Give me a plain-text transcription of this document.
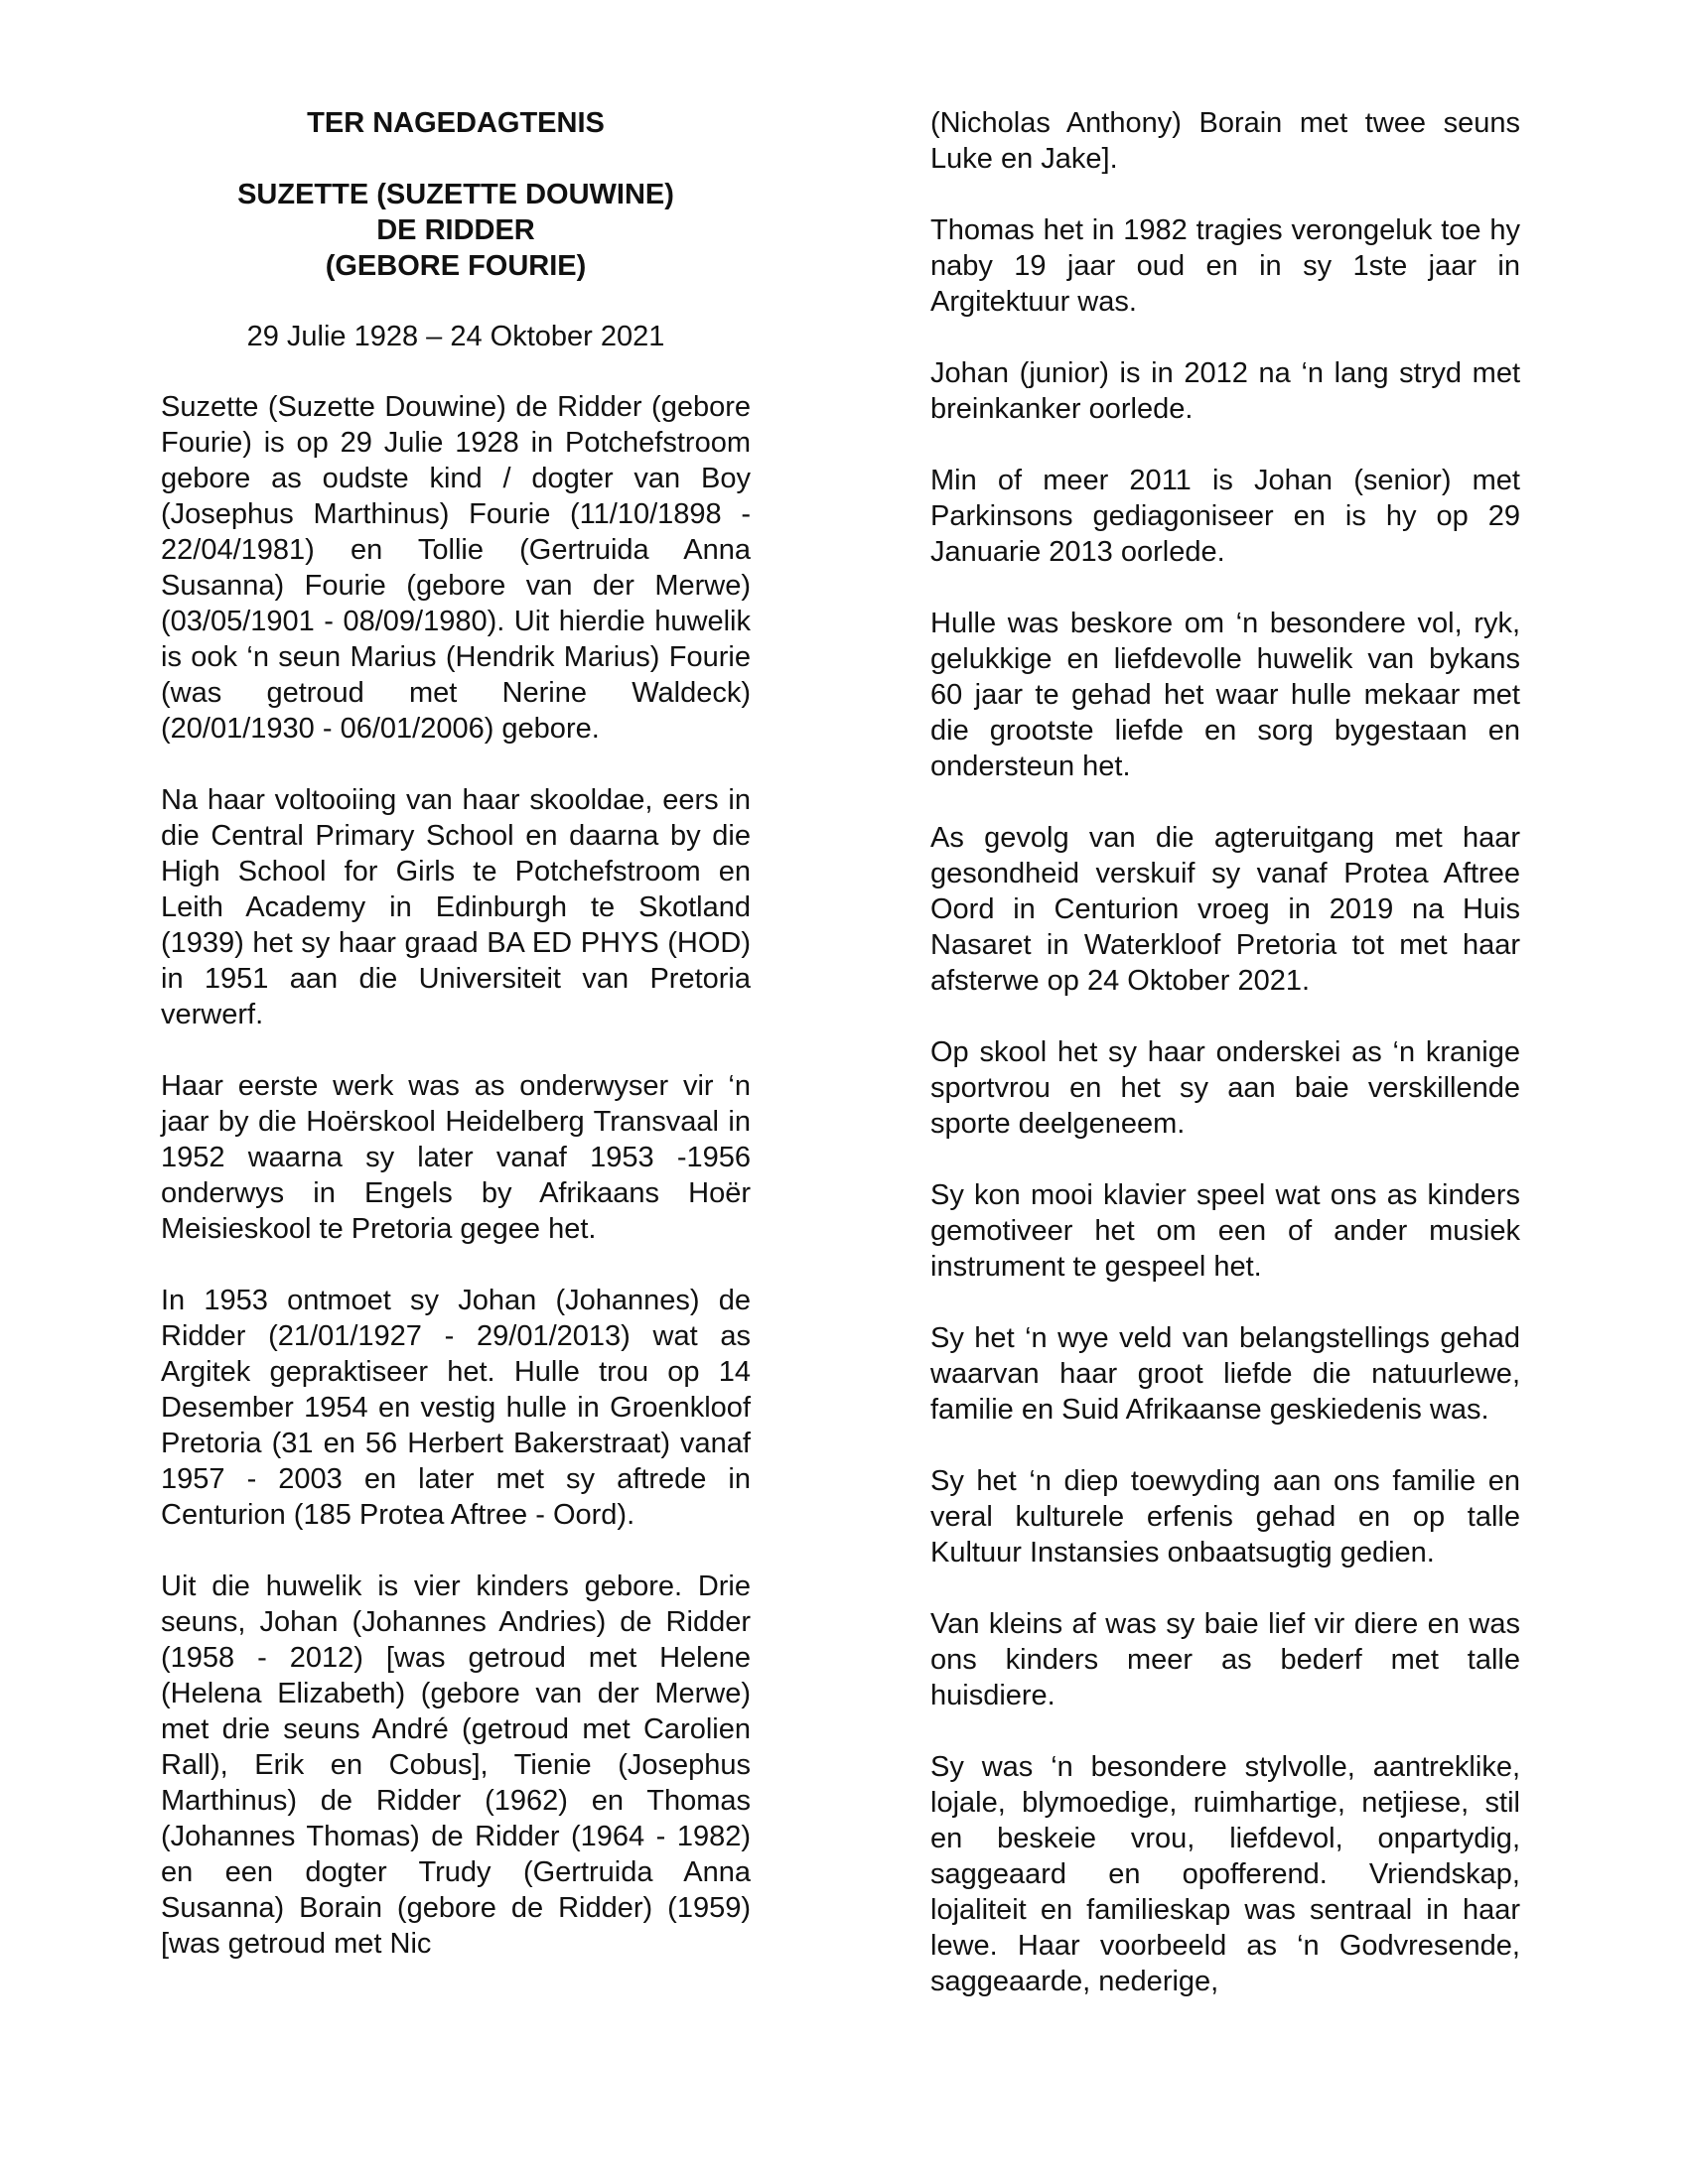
TER NAGEDAGTENIS

SUZETTE (SUZETTE DOUWINE)

DE RIDDER

(GEBORE FOURIE)

29 Julie 1928 – 24 Oktober 2021

Suzette (Suzette Douwine) de Ridder (gebore Fourie) is op 29 Julie 1928 in Potchefstroom gebore as oudste kind / dogter van Boy (Josephus Marthinus) Fourie (11/10/1898 - 22/04/1981) en Tollie (Gertruida Anna Susanna) Fourie (gebore van der Merwe) (03/05/1901 - 08/09/1980). Uit hierdie huwelik is ook ‘n seun Marius (Hendrik Marius) Fourie (was getroud met Nerine Waldeck) (20/01/1930 - 06/01/2006) gebore.

Na haar voltooiing van haar skooldae, eers in die Central Primary School en daarna by die High School for Girls te Potchefstroom en Leith Academy in Edinburgh te Skotland (1939) het sy haar graad BA ED PHYS (HOD) in 1951 aan die Universiteit van Pretoria verwerf.

Haar eerste werk was as onderwyser vir ‘n jaar by die Hoërskool Heidelberg Transvaal in 1952 waarna sy later vanaf 1953 -1956 onderwys in Engels by Afrikaans Hoër Meisieskool te Pretoria gegee het.

In 1953 ontmoet sy Johan (Johannes) de Ridder (21/01/1927 - 29/01/2013) wat as Argitek gepraktiseer het. Hulle trou op 14 Desember 1954 en vestig hulle in Groenkloof Pretoria (31 en 56 Herbert Bakerstraat) vanaf 1957 - 2003 en later met sy aftrede in Centurion (185 Protea Aftree - Oord).

Uit die huwelik is vier kinders gebore. Drie seuns, Johan (Johannes Andries) de Ridder (1958 - 2012) [was getroud met Helene (Helena Elizabeth) (gebore van der Merwe) met drie seuns André (getroud met Carolien Rall), Erik en Cobus], Tienie (Josephus Marthinus) de Ridder (1962) en Thomas (Johannes Thomas) de Ridder (1964 - 1982) en een dogter Trudy (Gertruida Anna Susanna) Borain (gebore de Ridder) (1959) [was getroud met Nic

(Nicholas Anthony) Borain met twee seuns Luke en Jake].

Thomas het in 1982 tragies verongeluk toe hy naby 19 jaar oud en in sy 1ste jaar in Argitektuur was.

Johan (junior) is in 2012 na ‘n lang stryd met breinkanker oorlede.

Min of meer 2011 is Johan (senior) met Parkinsons gediagoniseer en is hy op 29 Januarie 2013 oorlede.

Hulle was beskore om ‘n besondere vol, ryk, gelukkige en liefdevolle huwelik van bykans 60 jaar te gehad het waar hulle mekaar met die grootste liefde en sorg bygestaan en ondersteun het.

As gevolg van die agteruitgang met haar gesondheid verskuif sy vanaf Protea Aftree Oord in Centurion vroeg in 2019 na Huis Nasaret in Waterkloof Pretoria tot met haar afsterwe op 24 Oktober 2021.

Op skool het sy haar onderskei as ‘n kranige sportvrou en het sy aan baie verskillende sporte deelgeneem.

Sy kon mooi klavier speel wat ons as kinders gemotiveer het om een of ander musiek instrument te gespeel het.

Sy het ‘n wye veld van belangstellings gehad waarvan haar groot liefde die natuurlewe, familie en Suid Afrikaanse geskiedenis was.

Sy het ‘n diep toewyding aan ons familie en veral kulturele erfenis gehad en op talle Kultuur Instansies onbaatsugtig gedien.

Van kleins af was sy baie lief vir diere en was ons kinders meer as bederf met talle huisdiere.

Sy was ‘n besondere stylvolle, aantreklike, lojale, blymoedige, ruimhartige, netjiese, stil en beskeie vrou, liefdevol, onpartydig, saggeaard en opofferend. Vriendskap, lojaliteit en familieskap was sentraal in haar lewe. Haar voorbeeld as ‘n Godvresende, saggeaarde, nederige,
